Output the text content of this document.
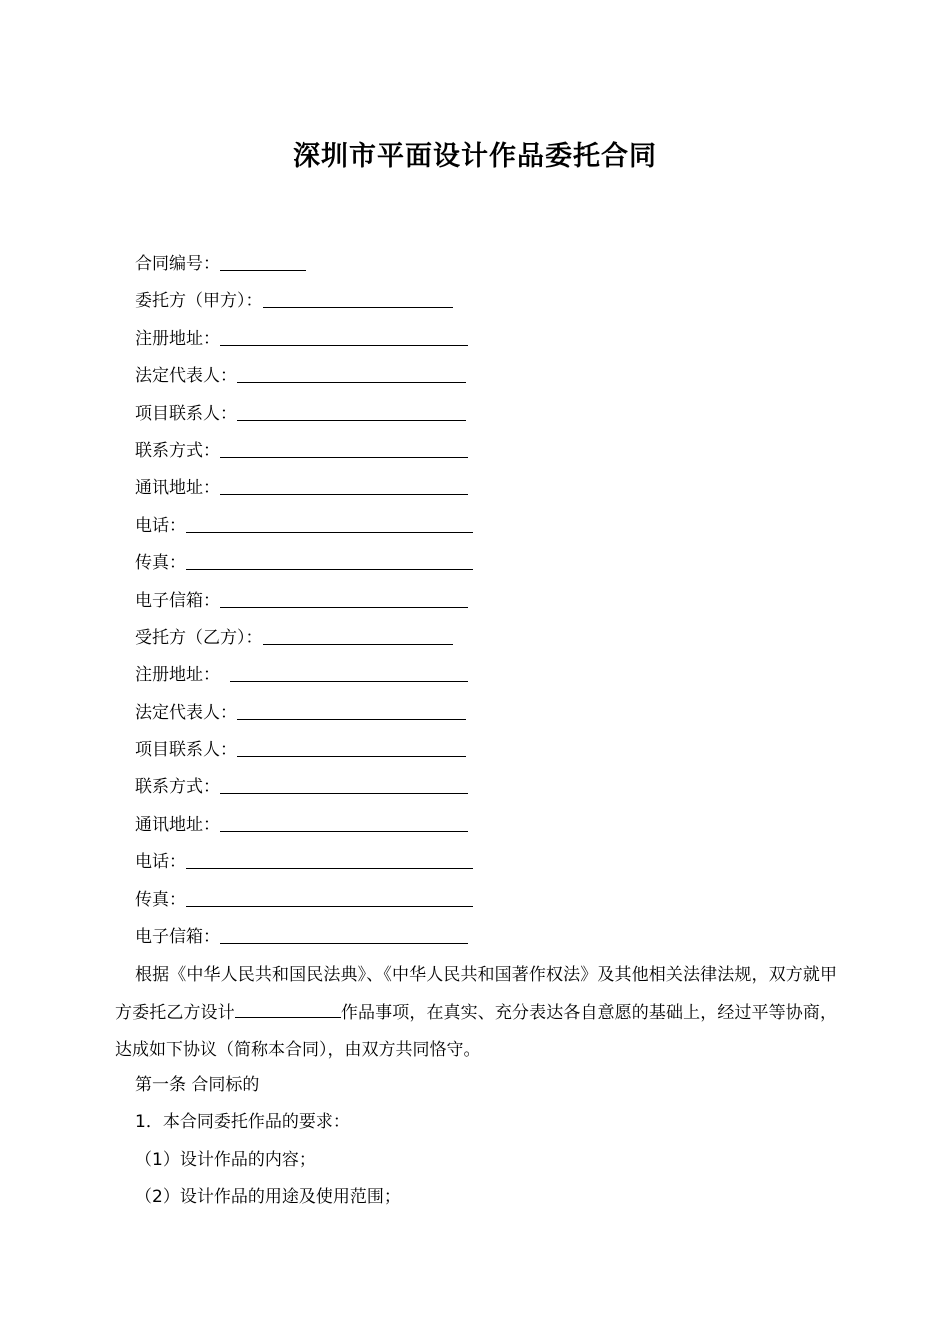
深圳市平面设计作品委托合同
合同编号：
委托方（甲方）：
注册地址：
法定代表人：
项目联系人：
联系方式：
通讯地址：
电话：
传真：
电子信箱：
受托方（乙方）：
注册地址：
法定代表人：
项目联系人：
联系方式：
通讯地址：
电话：
传真：
电子信箱：

根据《中华人民共和国民法典》、《中华人民共和国著作权法》及其他相关法律法规，双方就甲方委托乙方设计	作品事项，在真实、充分表达各自意愿的基础上，经过平等协商，达成如下协议（简称本合同），由双方共同恪守。

第一条 合同标的
1．本合同委托作品的要求：
（1）设计作品的内容；
（2）设计作品的用途及使用范围；
